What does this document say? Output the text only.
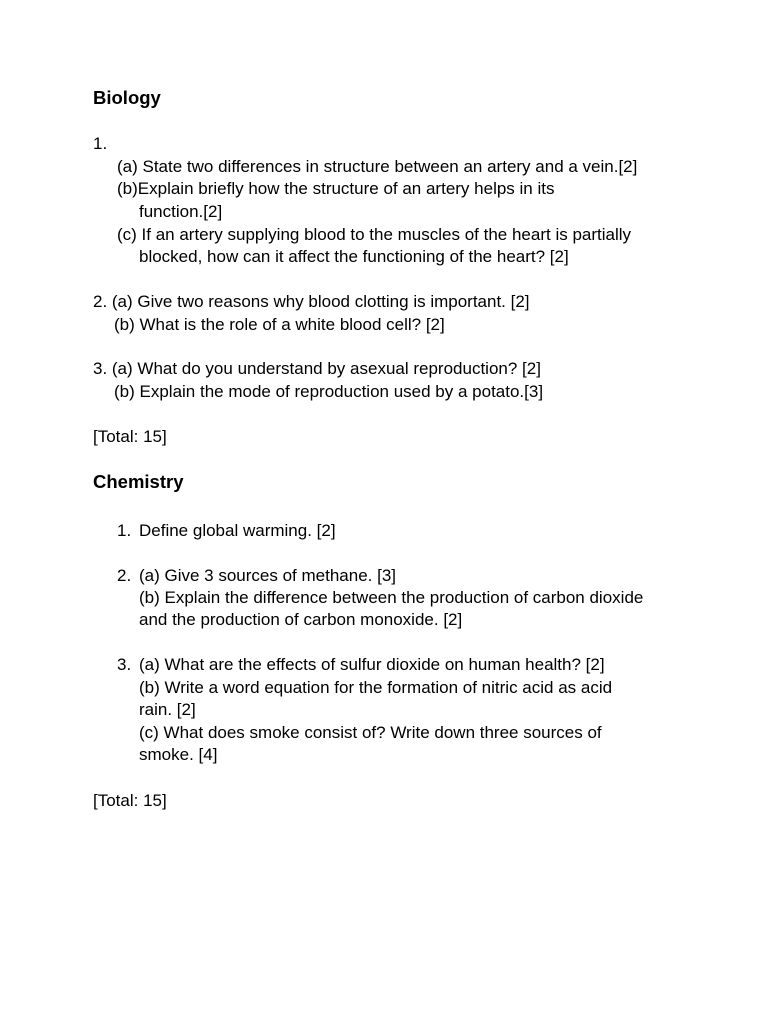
Biology
1.
(a) State two differences in structure between an artery and a vein.[2]
(b)Explain briefly how the structure of an artery helps in its
function.[2]
(c) If an artery supplying blood to the muscles of the heart is partially
blocked, how can it affect the functioning of the heart? [2]
2. (a) Give two reasons why blood clotting is important. [2]
(b) What is the role of a white blood cell? [2]
3. (a) What do you understand by asexual reproduction? [2]
(b) Explain the mode of reproduction used by a potato.[3]
[Total: 15]
Chemistry
1. Define global warming. [2]
2. (a) Give 3 sources of methane. [3]
(b) Explain the difference between the production of carbon dioxide
and the production of carbon monoxide. [2]
3. (a) What are the effects of sulfur dioxide on human health? [2]
(b) Write a word equation for the formation of nitric acid as acid
rain. [2]
(c) What does smoke consist of? Write down three sources of
smoke. [4]
[Total: 15]
